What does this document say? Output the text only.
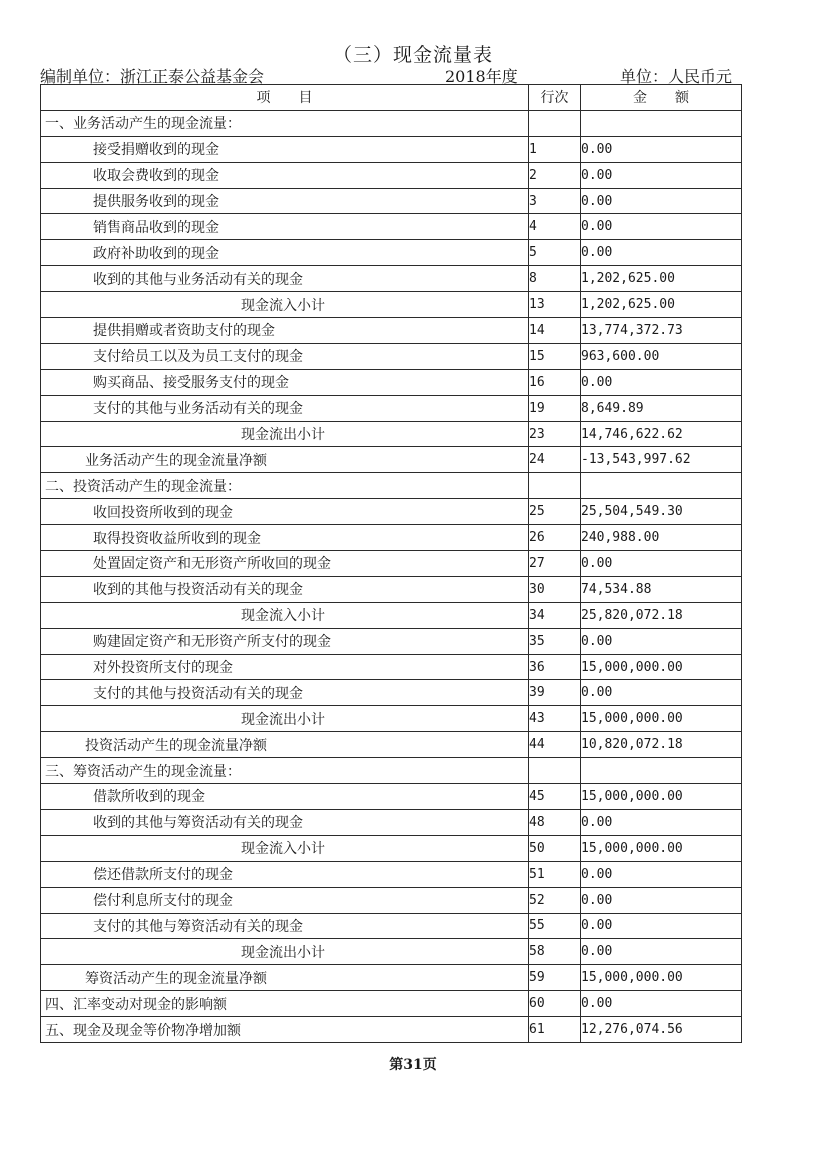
（三）现金流量表
编制单位：浙江正泰公益基金会	2018年度	单位：人民币元
项　　目	行次	金　　额
一、业务活动产生的现金流量：		
接受捐赠收到的现金	1	0.00
收取会费收到的现金	2	0.00
提供服务收到的现金	3	0.00
销售商品收到的现金	4	0.00
政府补助收到的现金	5	0.00
收到的其他与业务活动有关的现金	8	1,202,625.00
现金流入小计	13	1,202,625.00
提供捐赠或者资助支付的现金	14	13,774,372.73
支付给员工以及为员工支付的现金	15	963,600.00
购买商品、接受服务支付的现金	16	0.00
支付的其他与业务活动有关的现金	19	8,649.89
现金流出小计	23	14,746,622.62
业务活动产生的现金流量净额	24	-13,543,997.62
二、投资活动产生的现金流量：		
收回投资所收到的现金	25	25,504,549.30
取得投资收益所收到的现金	26	240,988.00
处置固定资产和无形资产所收回的现金	27	0.00
收到的其他与投资活动有关的现金	30	74,534.88
现金流入小计	34	25,820,072.18
购建固定资产和无形资产所支付的现金	35	0.00
对外投资所支付的现金	36	15,000,000.00
支付的其他与投资活动有关的现金	39	0.00
现金流出小计	43	15,000,000.00
投资活动产生的现金流量净额	44	10,820,072.18
三、筹资活动产生的现金流量：		
借款所收到的现金	45	15,000,000.00
收到的其他与筹资活动有关的现金	48	0.00
现金流入小计	50	15,000,000.00
偿还借款所支付的现金	51	0.00
偿付利息所支付的现金	52	0.00
支付的其他与筹资活动有关的现金	55	0.00
现金流出小计	58	0.00
筹资活动产生的现金流量净额	59	15,000,000.00
四、汇率变动对现金的影响额	60	0.00
五、现金及现金等价物净增加额	61	12,276,074.56
第31页
